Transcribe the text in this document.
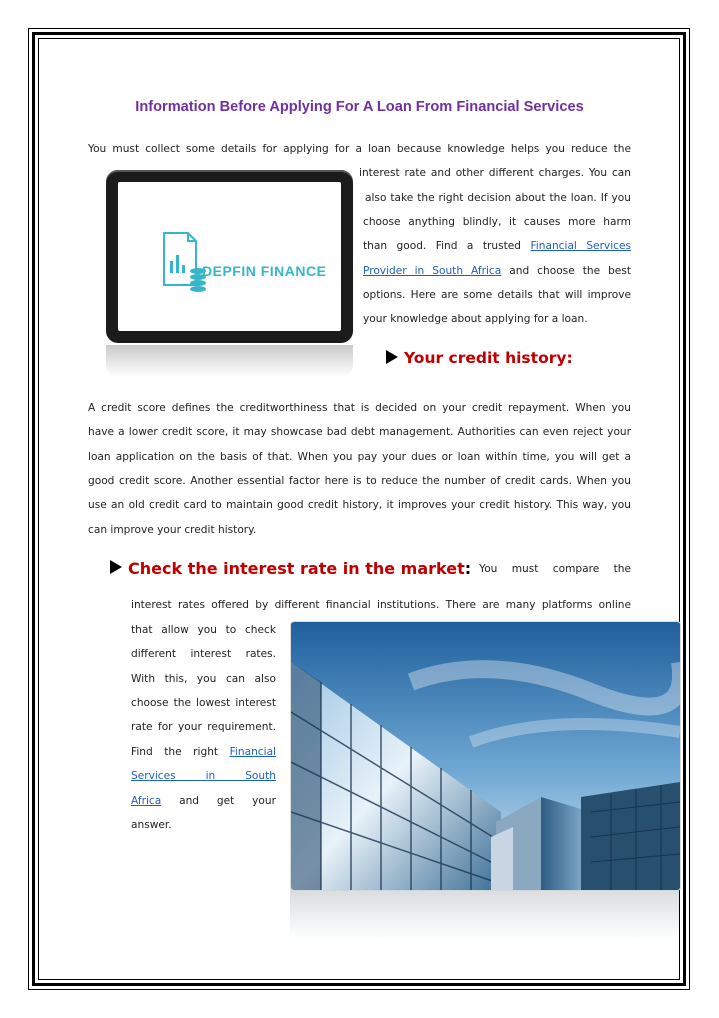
Information Before Applying For A Loan From Financial Services

You must collect some details for applying for a loan because knowledge helps you reduce the

interest rate and other different charges. You can

also take the right decision about the loan. If you

choose anything blindly, it causes more harm

than good. Find a trusted Financial Services

Provider in South Africa and choose the best

options. Here are some details that will improve

your knowledge about applying for a loan.

DEPFIN FINANCE
Your credit history:

A credit score defines the creditworthiness that is decided on your credit repayment. When you

have a lower credit score, it may showcase bad debt management. Authorities can even reject your

loan application on the basis of that. When you pay your dues or loan within time, you will get a

good credit score. Another essential factor here is to reduce the number of credit cards. When you

use an old credit card to maintain good credit history, it improves your credit history. This way, you

can improve your credit history.

Check the interest rate in the market : You must compare the

interest rates offered by different financial institutions. There are many platforms online

that allow you to check

different interest rates.

With this, you can also

choose the lowest interest

rate for your requirement.

Find the right Financial

Services in South

Africa and get your

answer.
